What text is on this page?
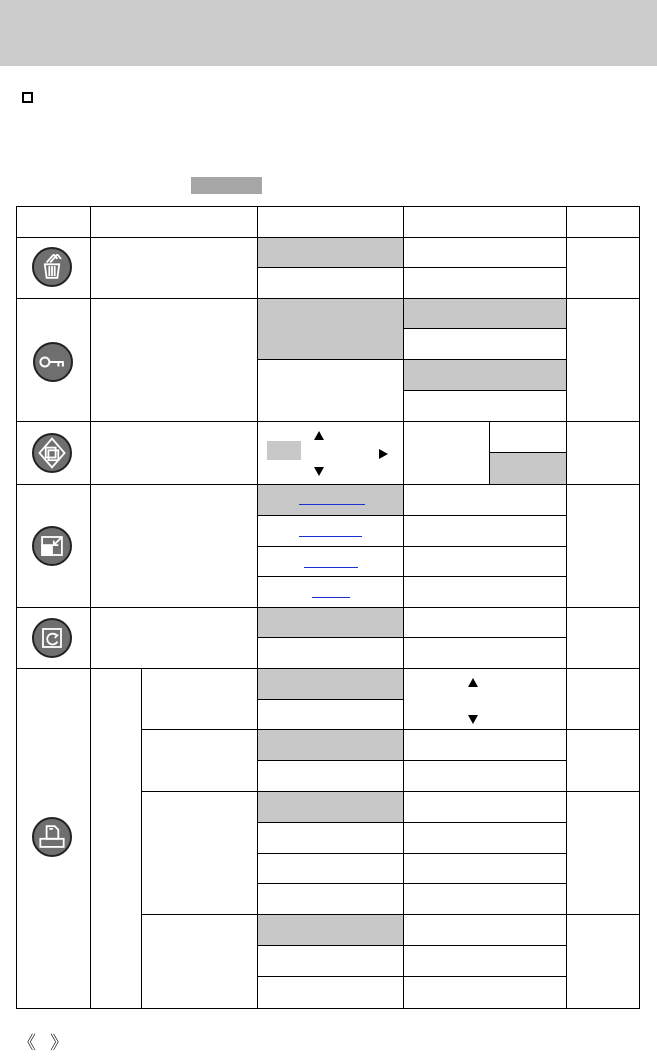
《 》
